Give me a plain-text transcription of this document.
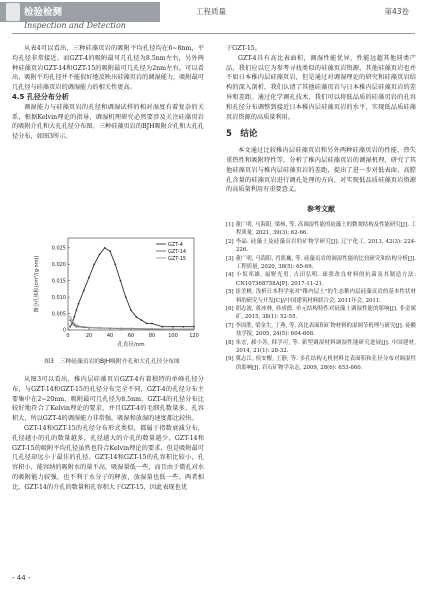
检验检测
Inspection and Detection
工程质量	第43卷

从表4可以看出，三种硅藻页岩的吸附平均孔径均在6~8nm，平均孔径非常接近。而GZT-4的吸附最可几孔径为8.5nm左右，另外两种硅藻页岩GZT-14和GZT-15的吸附最可几孔径为2nm左右。可以看出，吸附平均孔径并不能很好地反映出硅藻页岩的调湿能力，吸附最可几孔径与硅藻页岩的调湿能力的相关性更高。

4.5 孔径分布分析

调湿能力与硅藻页岩的孔径和调湿试样的相对湿度有着复杂的关系，根据Kelvin理论的指导，调湿机理研究必然要涉及关注硅藻页岩的吸附介孔和大孔孔径分布图。三种硅藻页岩的BJH吸附介孔和大孔孔径分布，如图3所示。

0	20	40	60	80	100 120
0
0.005
0.010
0.015
0.020
0.025
孔直径/nm
微分孔体积(cm³/(g·nm))
GZT-4
GZT-14
GZT-15
图3　三种硅藻页岩的BJH吸附介孔和大孔孔径分布图

从图3可以看出，稚内层硅藻页岩GZT-4有着独特的单峰孔径分布，与GZT-14和GZT-15的孔径分布完全不同，GZT-4的孔径分布主要集中在2~20nm，吸附最可几孔径为8.5nm，GZT-4的孔径分布比较好地符合了Kelvin理论的要求，并且GZT-4的毛细孔数量多，孔容积大，所以GZT-4的调湿能力非常强，吸湿和放湿的速度都比较快。

GZT-14和GZT-15的孔径分布形式类似，都属于指数衰减分布，孔径越小的孔的数量越多，孔径越大的介孔的数量越少。GZT-14和GZT-15的吸附平均孔径虽然也符合Kelvin理论的要求，但是吸附最可几孔径却远小于最佳的孔径。GZT-14和GZT-15的孔容积比较小，孔容积小，能容纳的吸附水的量不高，吸湿量低一些，而且由于微孔对水的吸附能力较强，也不利于水分子的释放，放湿量也低一些。两者相比，GZT-14的介孔的数量和孔容积大于GZT-15，因此表现也优

于GZT-15。

GZT-4具有高比表面积，调湿性能优异，性能远超其他同类产品，我们应以它为参考寻找类似的硅藻页岩资源，其他硅藻页岩也并不如日本稚内层硅藻页岩，但是通过对调湿理论的研究和硅藻页岩结构的深入剖析，我们认清了其他硅藻页岩与日本稚内层硅藻页岩的差异和差距。通过化学调孔技术，我们可以将低品质的硅藻页岩的孔容和孔径分布调整到接近日本稚内层硅藻页岩的水平，实现低品质硅藻页岩资源的高质量利用。

5　结论

本文通过比较稚内层硅藻页岩和另外两种硅藻页岩的性能，热失重热性和吸附特性等，分析了稚内层硅藻页岩的调湿机理，研究了其他硅藻页岩与稚内层硅藻页岩的差距，提出了进一步对低表面、高膛孔含量的硅藻页岩进行调孔处理的方向，对实现低品质硅藻页岩资源的高质量利用有重要意义。

参考文献

[1] 董广明, 马海阳, 梁杨, 等. 高调湿性能的硅藻土的微观结构及性能研究[J]. 工程质量, 2021, 39(3): 62-66.

[2] 李晶. 硅藻土及硅藻页岩的矿物学研究[J]. 辽宁化工, 2013, 42(3): 224-226.

[3] 董广明, 马海阳, 肖凯巍, 等. 硅藻页岩的调湿性能的比较研究和结构分析[J]. 工程质量, 2020, 38(5): 65-69.

[4] 小坂邦雄, 福野光男, 吉田弘明. 球墨改良材料的抗菌及其制造方法: CN107368758A[P]. 2017-11-21.

[5] 崔美帆. 浅析日本科学家对"稚内层土"的生态稚内层硅藻页岩的基本性状材料的研究与开发[C]//中国建筑材料联合会, 2011年会, 2011.

[6] 胡志波, 蒋冰林, 孙成德. 单元结构特性对硅藻土调湿性能的影响[J]. 非金属矿, 2015, 38(1): 52-55.

[7] 李国胜, 梁金生, 丁燕, 等. 高比表面积矿物材料的湿调节机理与研究[J]. 硅酸盐学报, 2005, 24(5): 604-608.

[8] 朱宏, 郝小苏, 韩学可, 等. 新型调湿材料调湿性能研究进展[J]. 中国建材, 2014, 21(1): 28-32.

[9] 冀志江, 侯安醒, 王静, 等. 多孔结构无机材料比表面积和孔径分布对调湿性的影响[J]. 岩石矿物学杂志, 2009, 28(6): 653-660.

- 44 -
